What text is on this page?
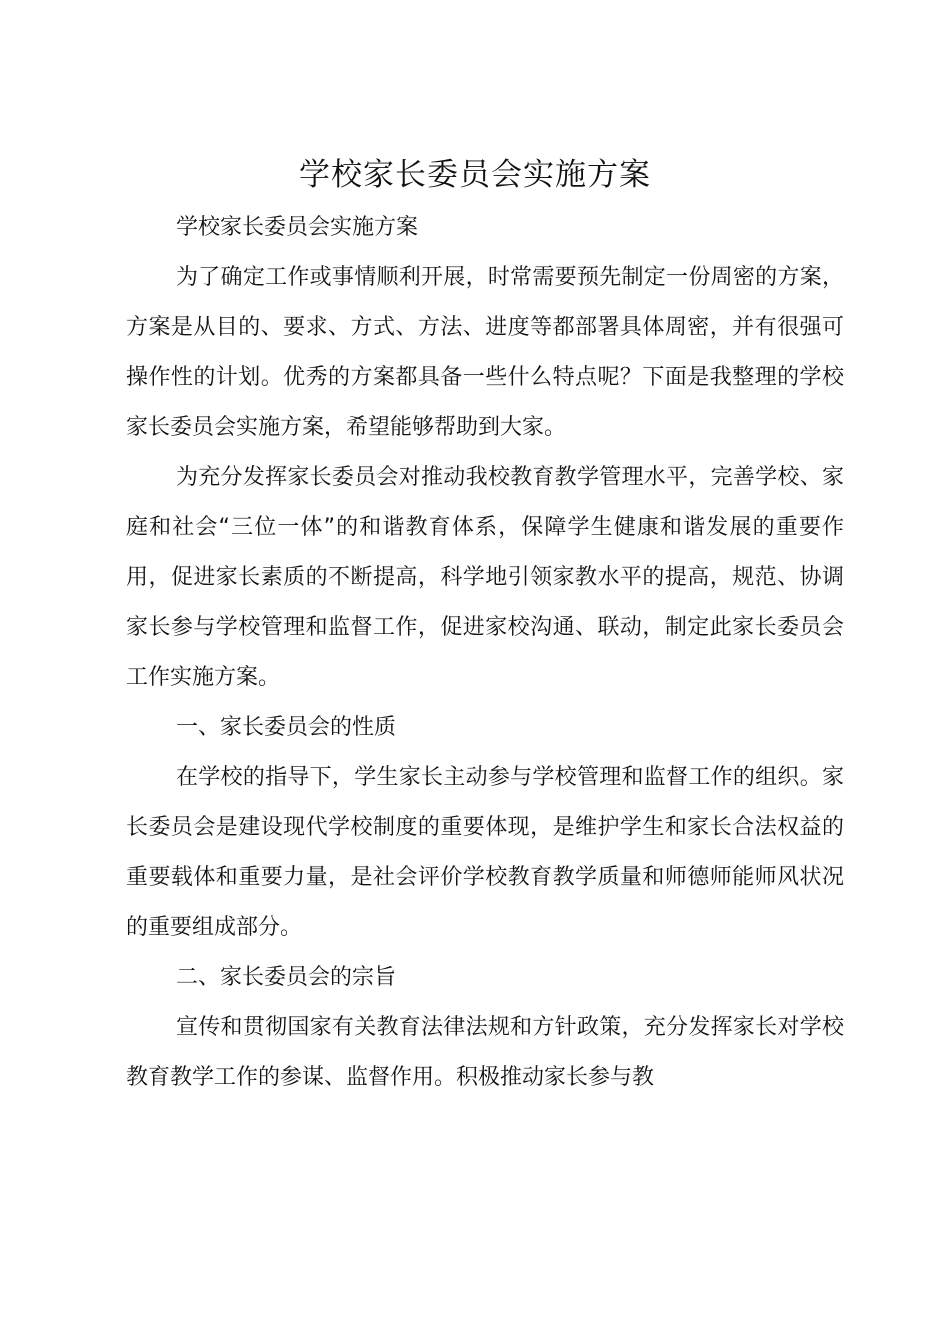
学校家长委员会实施方案

学校家长委员会实施方案

为了确定工作或事情顺利开展，时常需要预先制定一份周密的方案，方案是从目的、要求、方式、方法、进度等都部署具体周密，并有很强可操作性的计划。优秀的方案都具备一些什么特点呢？下面是我整理的学校家长委员会实施方案，希望能够帮助到大家。

为充分发挥家长委员会对推动我校教育教学管理水平，完善学校、家庭和社会“三位一体”的和谐教育体系，保障学生健康和谐发展的重要作用，促进家长素质的不断提高，科学地引领家教水平的提高，规范、协调家长参与学校管理和监督工作，促进家校沟通、联动，制定此家长委员会工作实施方案。

一、家长委员会的性质

在学校的指导下，学生家长主动参与学校管理和监督工作的组织。家长委员会是建设现代学校制度的重要体现，是维护学生和家长合法权益的重要载体和重要力量，是社会评价学校教育教学质量和师德师能师风状况的重要组成部分。

二、家长委员会的宗旨

宣传和贯彻国家有关教育法律法规和方针政策，充分发挥家长对学校教育教学工作的参谋、监督作用。积极推动家长参与教
